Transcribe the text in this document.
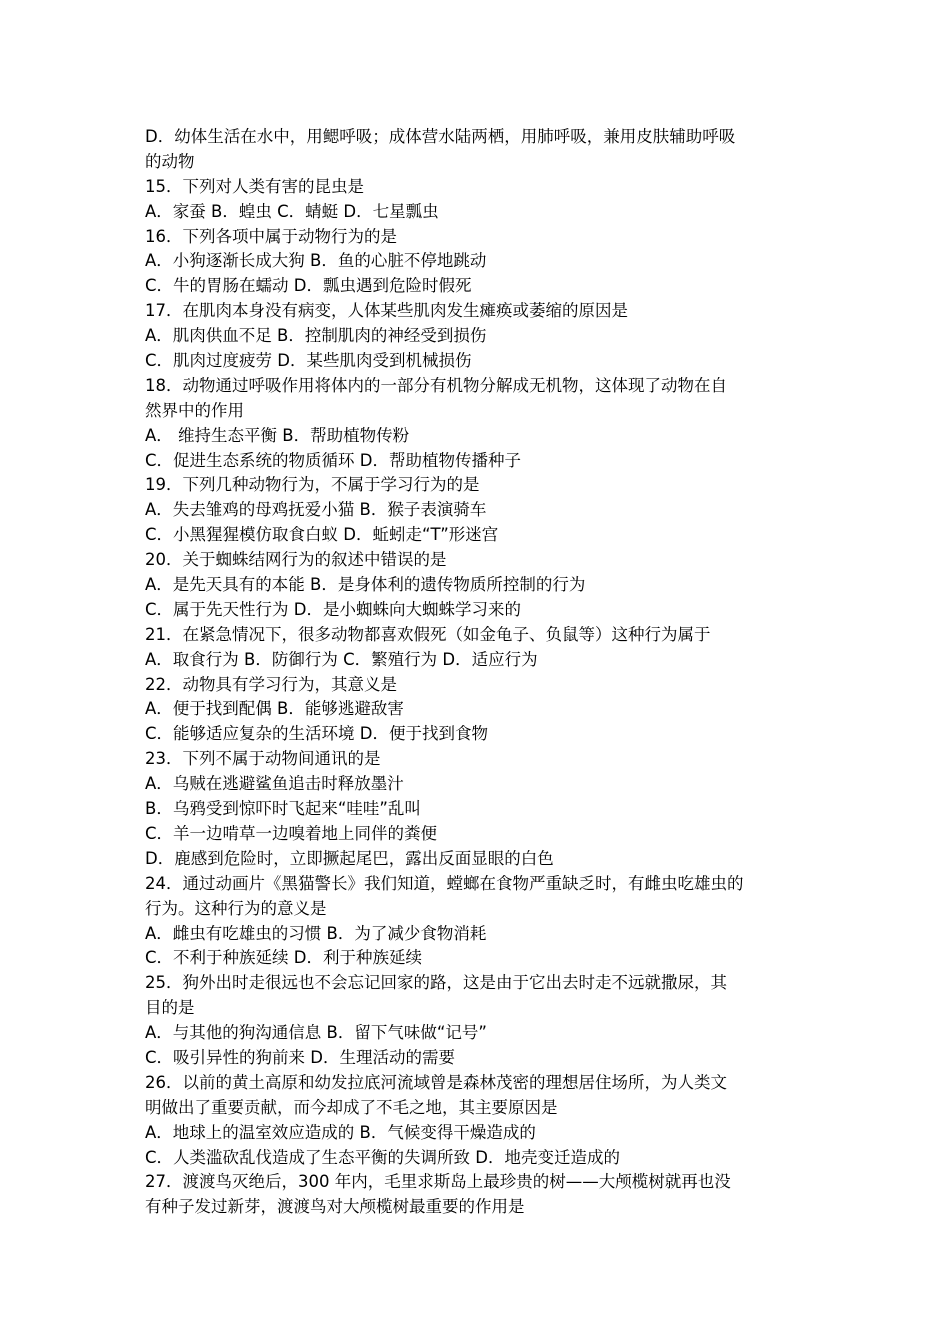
D．幼体生活在水中，用鳃呼吸；成体营水陆两栖，用肺呼吸，兼用皮肤辅助呼吸
的动物
15．下列对人类有害的昆虫是
A．家蚕 B．蝗虫 C．蜻蜓 D．七星瓢虫
16．下列各项中属于动物行为的是
A．小狗逐渐长成大狗 B．鱼的心脏不停地跳动
C．牛的胃肠在蠕动 D．瓢虫遇到危险时假死
17．在肌肉本身没有病变，人体某些肌肉发生瘫痪或萎缩的原因是
A．肌肉供血不足 B．控制肌肉的神经受到损伤
C．肌肉过度疲劳 D．某些肌肉受到机械损伤
18．动物通过呼吸作用将体内的一部分有机物分解成无机物，这体现了动物在自
然界中的作用
A． 维持生态平衡 B．帮助植物传粉
C．促进生态系统的物质循环 D．帮助植物传播种子
19．下列几种动物行为，不属于学习行为的是
A．失去雏鸡的母鸡抚爱小猫 B．猴子表演骑车
C．小黑猩猩模仿取食白蚁 D．蚯蚓走“T”形迷宫
20．关于蜘蛛结网行为的叙述中错误的是
A．是先天具有的本能 B．是身体利的遗传物质所控制的行为
C．属于先天性行为 D．是小蜘蛛向大蜘蛛学习来的
21．在紧急情况下，很多动物都喜欢假死（如金龟子、负鼠等）这种行为属于
A．取食行为 B．防御行为 C．繁殖行为 D．适应行为
22．动物具有学习行为，其意义是
A．便于找到配偶 B．能够逃避敌害
C．能够适应复杂的生活环境 D．便于找到食物
23．下列不属于动物间通讯的是
A．乌贼在逃避鲨鱼追击时释放墨汁
B．乌鸦受到惊吓时飞起来“哇哇”乱叫
C．羊一边啃草一边嗅着地上同伴的粪便
D．鹿感到危险时，立即撅起尾巴，露出反面显眼的白色
24．通过动画片《黑猫警长》我们知道，螳螂在食物严重缺乏时，有雌虫吃雄虫的
行为。这种行为的意义是
A．雌虫有吃雄虫的习惯 B．为了减少食物消耗
C．不利于种族延续 D．利于种族延续
25．狗外出时走很远也不会忘记回家的路，这是由于它出去时走不远就撒尿，其
目的是
A．与其他的狗沟通信息 B．留下气味做“记号”
C．吸引异性的狗前来 D．生理活动的需要
26．以前的黄土高原和幼发拉底河流域曾是森林茂密的理想居住场所，为人类文
明做出了重要贡献，而今却成了不毛之地，其主要原因是
A．地球上的温室效应造成的 B．气候变得干燥造成的
C．人类滥砍乱伐造成了生态平衡的失调所致 D．地壳变迁造成的
27．渡渡鸟灭绝后，300 年内，毛里求斯岛上最珍贵的树——大颅榄树就再也没
有种子发过新芽，渡渡鸟对大颅榄树最重要的作用是
